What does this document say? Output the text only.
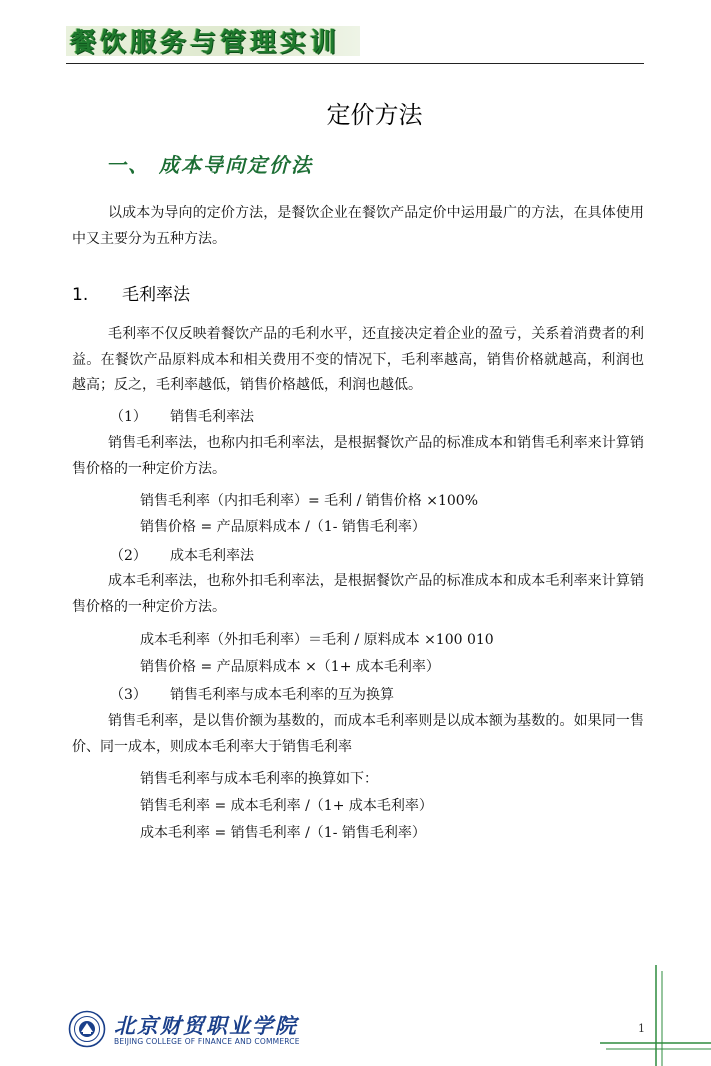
餐饮服务与管理实训
定价方法
一、 成本导向定价法

以成本为导向的定价方法，是餐饮企业在餐饮产品定价中运用最广的方法，在具体使用中又主要分为五种方法。

1. 毛利率法

毛利率不仅反映着餐饮产品的毛利水平，还直接决定着企业的盈亏，关系着消费者的利益。在餐饮产品原料成本和相关费用不变的情况下，毛利率越高，销售价格就越高，利润也越高；反之，毛利率越低，销售价格越低，利润也越低。

（1） 销售毛利率法

销售毛利率法，也称内扣毛利率法，是根据餐饮产品的标准成本和销售毛利率来计算销售价格的一种定价方法。

销售毛利率（内扣毛利率）= 毛利 / 销售价格 ×100%

销售价格 = 产品原料成本 /（1- 销售毛利率）

（2） 成本毛利率法

成本毛利率法，也称外扣毛利率法，是根据餐饮产品的标准成本和成本毛利率来计算销售价格的一种定价方法。

成本毛利率（外扣毛利率）＝毛利 / 原料成本 ×100 010

销售价格 = 产品原料成本 ×（1+ 成本毛利率）

（3） 销售毛利率与成本毛利率的互为换算

销售毛利率，是以售价额为基数的，而成本毛利率则是以成本额为基数的。如果同一售价、同一成本，则成本毛利率大于销售毛利率

销售毛利率与成本毛利率的换算如下：

销售毛利率 = 成本毛利率 /（1+ 成本毛利率）

成本毛利率 = 销售毛利率 /（1- 销售毛利率）

北京财贸职业学院

BEIJING COLLEGE OF FINANCE AND COMMERCE

1
